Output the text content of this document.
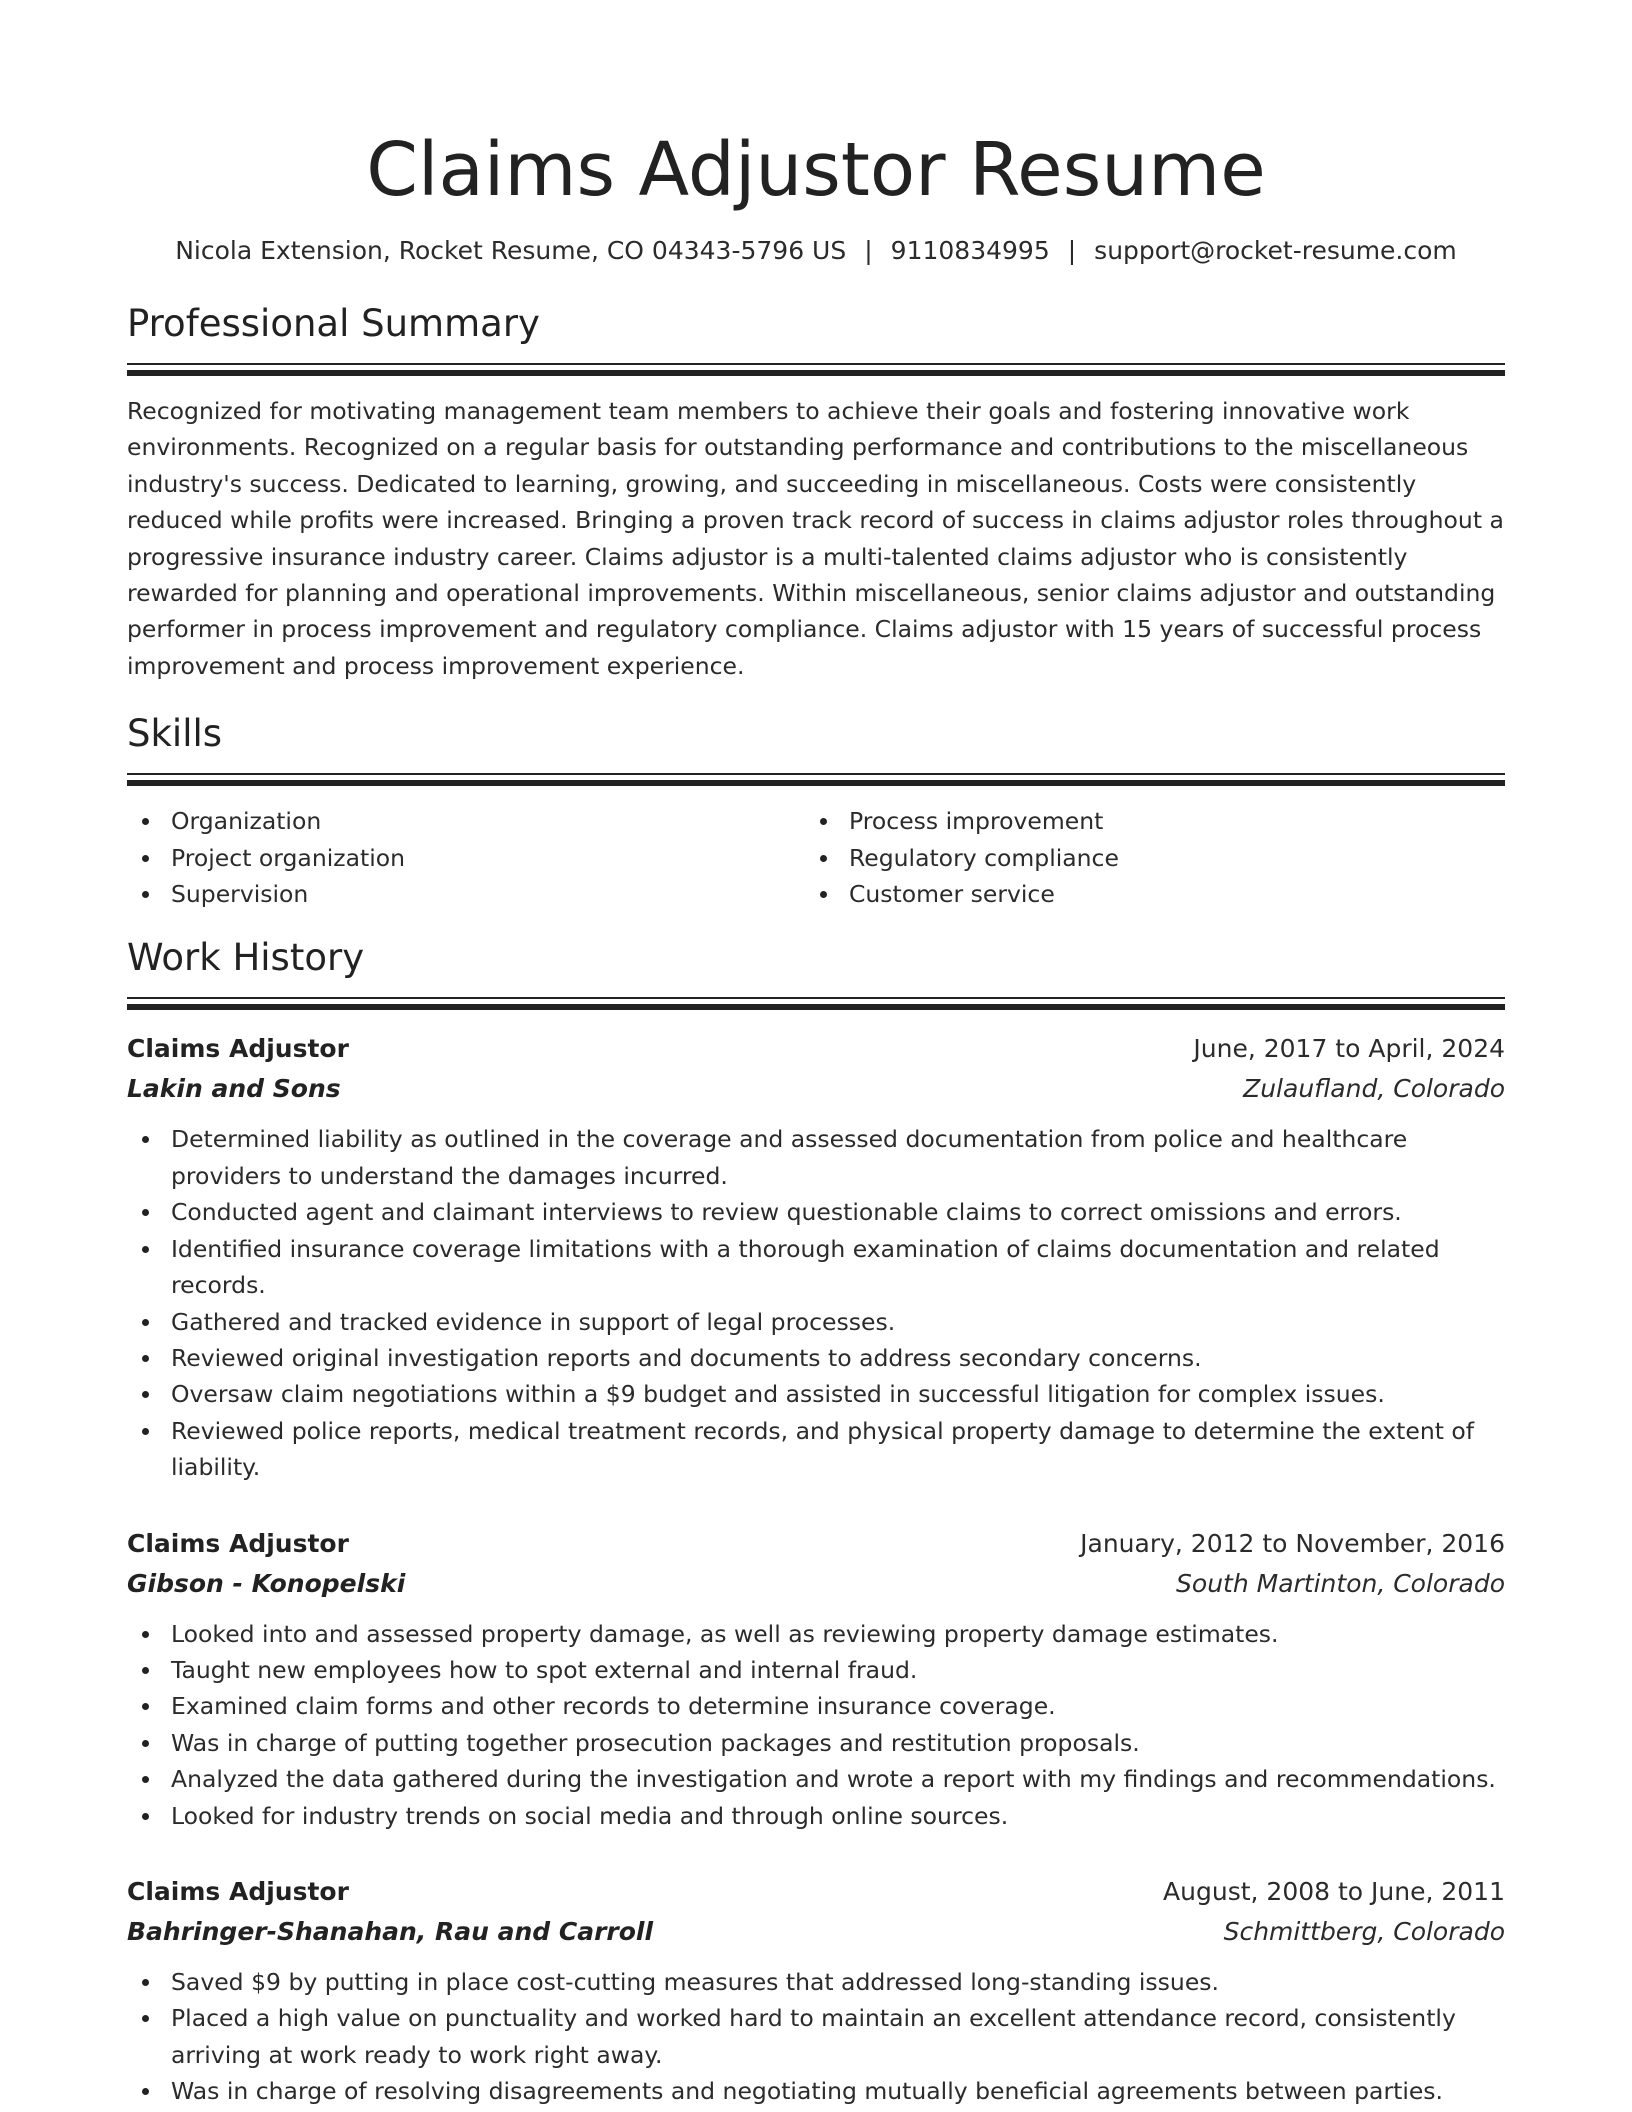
Claims Adjustor Resume
Nicola Extension, Rocket Resume, CO 04343-5796 US | 9110834995 | support@rocket-resume.com
Professional Summary
Recognized for motivating management team members to achieve their goals and fostering innovative work environments. Recognized on a regular basis for outstanding performance and contributions to the miscellaneous industry's success. Dedicated to learning, growing, and succeeding in miscellaneous. Costs were consistently reduced while profits were increased. Bringing a proven track record of success in claims adjustor roles throughout a progressive insurance industry career. Claims adjustor is a multi-talented claims adjustor who is consistently rewarded for planning and operational improvements. Within miscellaneous, senior claims adjustor and outstanding performer in process improvement and regulatory compliance. Claims adjustor with 15 years of successful process improvement and process improvement experience.
Skills
Organization
Project organization
Supervision
Process improvement
Regulatory compliance
Customer service
Work History
Claims Adjustor	June, 2017 to April, 2024
Lakin and Sons	Zulaufland, Colorado
Determined liability as outlined in the coverage and assessed documentation from police and healthcare providers to understand the damages incurred.
Conducted agent and claimant interviews to review questionable claims to correct omissions and errors.
Identified insurance coverage limitations with a thorough examination of claims documentation and related records.
Gathered and tracked evidence in support of legal processes.
Reviewed original investigation reports and documents to address secondary concerns.
Oversaw claim negotiations within a $9 budget and assisted in successful litigation for complex issues.
Reviewed police reports, medical treatment records, and physical property damage to determine the extent of liability.
Claims Adjustor	January, 2012 to November, 2016
Gibson - Konopelski	South Martinton, Colorado
Looked into and assessed property damage, as well as reviewing property damage estimates.
Taught new employees how to spot external and internal fraud.
Examined claim forms and other records to determine insurance coverage.
Was in charge of putting together prosecution packages and restitution proposals.
Analyzed the data gathered during the investigation and wrote a report with my findings and recommendations.
Looked for industry trends on social media and through online sources.
Claims Adjustor	August, 2008 to June, 2011
Bahringer-Shanahan, Rau and Carroll	Schmittberg, Colorado
Saved $9 by putting in place cost-cutting measures that addressed long-standing issues.
Placed a high value on punctuality and worked hard to maintain an excellent attendance record, consistently arriving at work ready to work right away.
Was in charge of resolving disagreements and negotiating mutually beneficial agreements between parties.
